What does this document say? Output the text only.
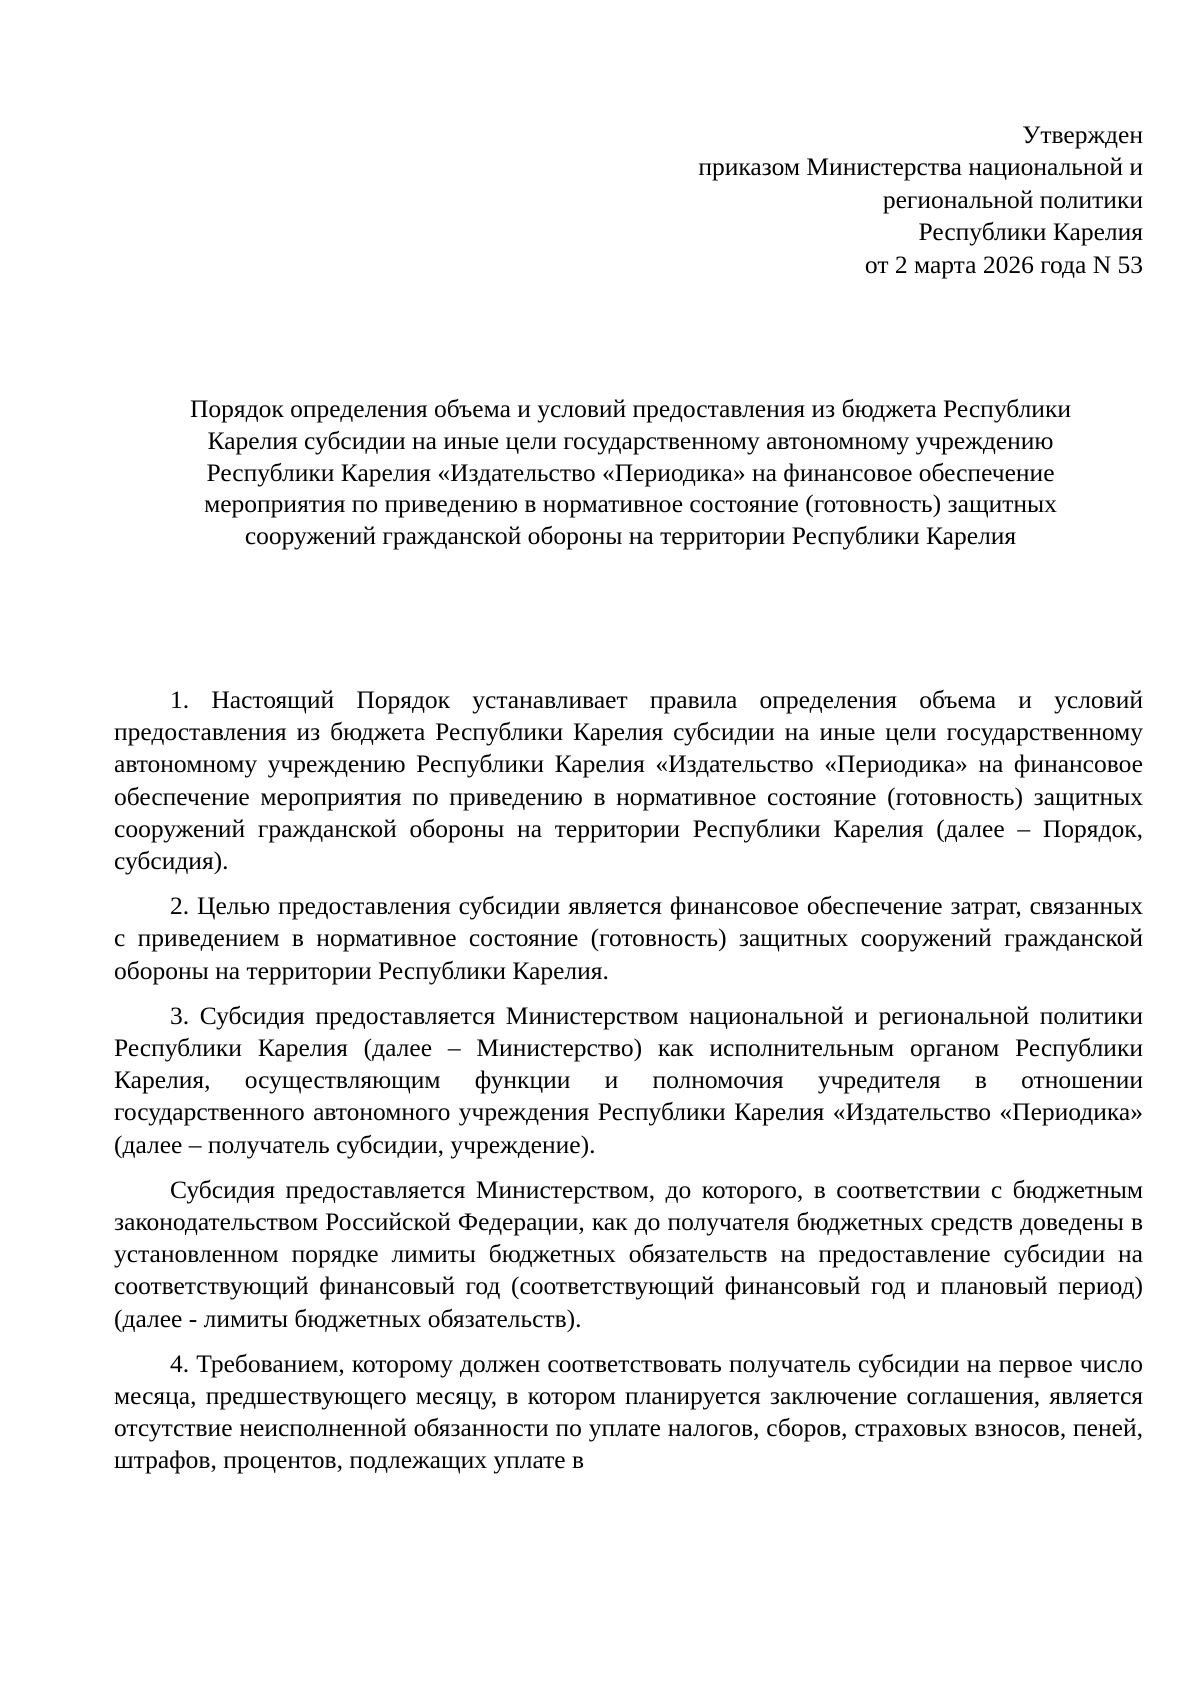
Утвержден
приказом Министерства национальной и
региональной политики
Республики Карелия
от 2 марта 2026 года N 53
Порядок определения объема и условий предоставления из бюджета Республики
Карелия субсидии на иные цели государственному автономному учреждению
Республики Карелия «Издательство «Периодика» на финансовое обеспечение
мероприятия по приведению в нормативное состояние (готовность) защитных
сооружений гражданской обороны на территории Республики Карелия

1. Настоящий Порядок устанавливает правила определения объема и условий предоставления из бюджета Республики Карелия субсидии на иные цели государственному автономному учреждению Республики Карелия «Издательство «Периодика» на финансовое обеспечение мероприятия по приведению в нормативное состояние (готовность) защитных сооружений гражданской обороны на территории Республики Карелия (далее – Порядок, субсидия).

2. Целью предоставления субсидии является финансовое обеспечение затрат, связанных с приведением в нормативное состояние (готовность) защитных сооружений гражданской обороны на территории Республики Карелия.

3. Субсидия предоставляется Министерством национальной и региональной политики Республики Карелия (далее – Министерство) как исполнительным органом Республики Карелия, осуществляющим функции и полномочия учредителя в отношении государственного автономного учреждения Республики Карелия «Издательство «Периодика» (далее – получатель субсидии, учреждение).

Субсидия предоставляется Министерством, до которого, в соответствии с бюджетным законодательством Российской Федерации, как до получателя бюджетных средств доведены в установленном порядке лимиты бюджетных обязательств на предоставление субсидии на соответствующий финансовый год (соответствующий финансовый год и плановый период) (далее - лимиты бюджетных обязательств).

4. Требованием, которому должен соответствовать получатель субсидии на первое число месяца, предшествующего месяцу, в котором планируется заключение соглашения, является отсутствие неисполненной обязанности по уплате налогов, сборов, страховых взносов, пеней, штрафов, процентов, подлежащих уплате в
